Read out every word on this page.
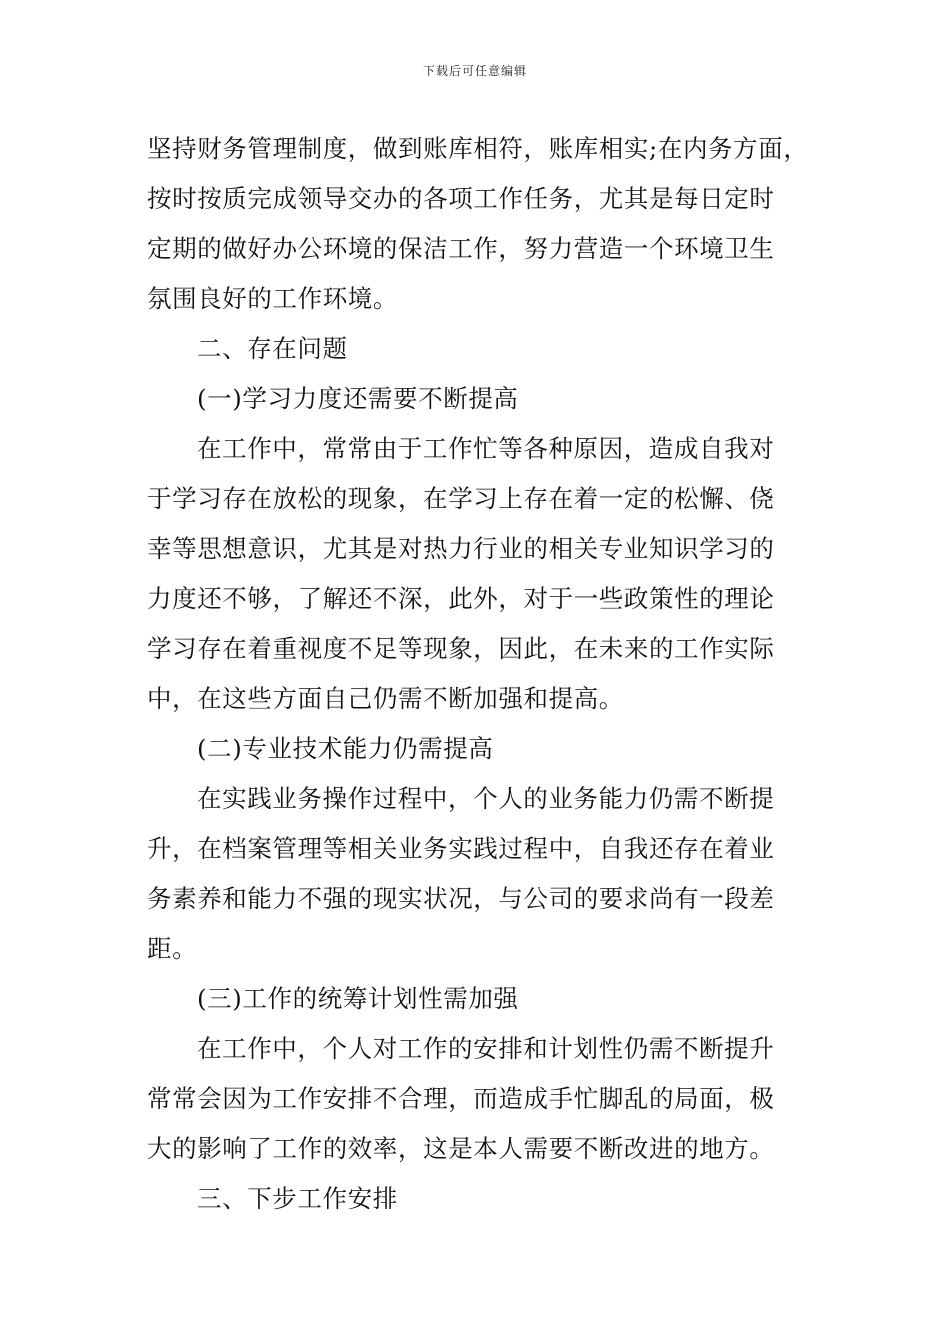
下载后可任意编辑
坚持财务管理制度，做到账库相符，账库相实;在内务方面，
按时按质完成领导交办的各项工作任务，尤其是每日定时
定期的做好办公环境的保洁工作，努力营造一个环境卫生
氛围良好的工作环境。
二、存在问题
(一)学习力度还需要不断提高
在工作中，常常由于工作忙等各种原因，造成自我对
于学习存在放松的现象，在学习上存在着一定的松懈、侥
幸等思想意识，尤其是对热力行业的相关专业知识学习的
力度还不够，了解还不深，此外，对于一些政策性的理论
学习存在着重视度不足等现象，因此，在未来的工作实际
中，在这些方面自己仍需不断加强和提高。
(二)专业技术能力仍需提高
在实践业务操作过程中，个人的业务能力仍需不断提
升，在档案管理等相关业务实践过程中，自我还存在着业
务素养和能力不强的现实状况，与公司的要求尚有一段差
距。
(三)工作的统筹计划性需加强
在工作中，个人对工作的安排和计划性仍需不断提升
常常会因为工作安排不合理，而造成手忙脚乱的局面，极
大的影响了工作的效率，这是本人需要不断改进的地方。
三、下步工作安排
